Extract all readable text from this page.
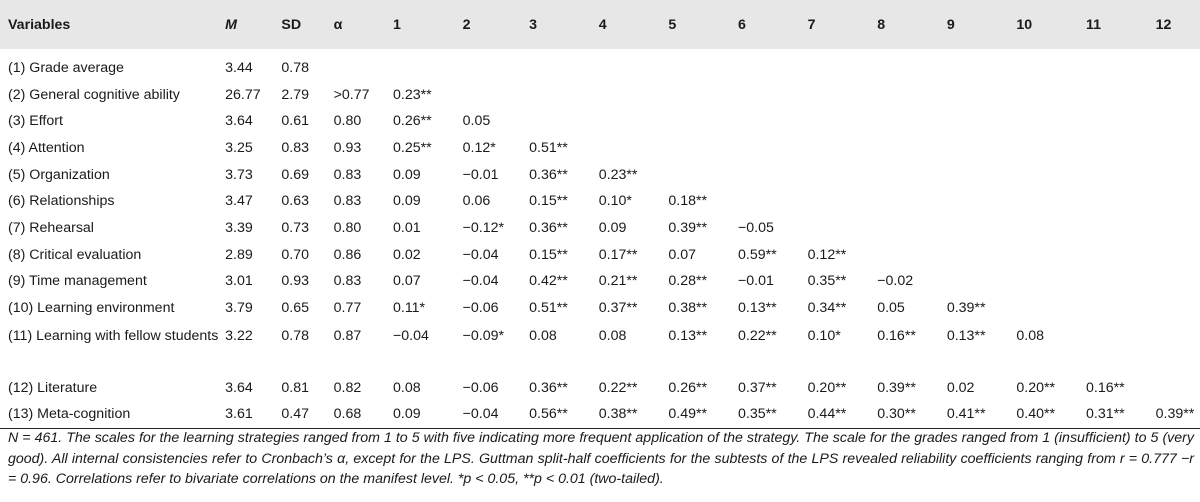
Variables	M	SD	α	1	2	3	4	5	6	7	8	9	10	11	12
(1) Grade average	3.44	0.78													
(2) General cognitive ability	26.77	2.79	>0.77	0.23**											
(3) Effort	3.64	0.61	0.80	0.26**	0.05										
(4) Attention	3.25	0.83	0.93	0.25**	0.12*	0.51**									
(5) Organization	3.73	0.69	0.83	0.09	−0.01	0.36**	0.23**								
(6) Relationships	3.47	0.63	0.83	0.09	0.06	0.15**	0.10*	0.18**							
(7) Rehearsal	3.39	0.73	0.80	0.01	−0.12*	0.36**	0.09	0.39**	−0.05						
(8) Critical evaluation	2.89	0.70	0.86	0.02	−0.04	0.15**	0.17**	0.07	0.59**	0.12**					
(9) Time management	3.01	0.93	0.83	0.07	−0.04	0.42**	0.21**	0.28**	−0.01	0.35**	−0.02				
(10) Learning environment	3.79	0.65	0.77	0.11*	−0.06	0.51**	0.37**	0.38**	0.13**	0.34**	0.05	0.39**			
(11) Learning with fellow students	3.22	0.78	0.87	−0.04	−0.09*	0.08	0.08	0.13**	0.22**	0.10*	0.16**	0.13**	0.08		
(12) Literature	3.64	0.81	0.82	0.08	−0.06	0.36**	0.22**	0.26**	0.37**	0.20**	0.39**	0.02	0.20**	0.16**	
(13) Meta-cognition	3.61	0.47	0.68	0.09	−0.04	0.56**	0.38**	0.49**	0.35**	0.44**	0.30**	0.41**	0.40**	0.31**	0.39**
N = 461. The scales for the learning strategies ranged from 1 to 5 with five indicating more frequent application of the strategy. The scale for the grades ranged from 1 (insufficient) to 5 (very good). All internal consistencies refer to Cronbach’s α, except for the LPS. Guttman split-half coefficients for the subtests of the LPS revealed reliability coefficients ranging from r = 0.777 −r = 0.96. Correlations refer to bivariate correlations on the manifest level. *p < 0.05, **p < 0.01 (two-tailed).
